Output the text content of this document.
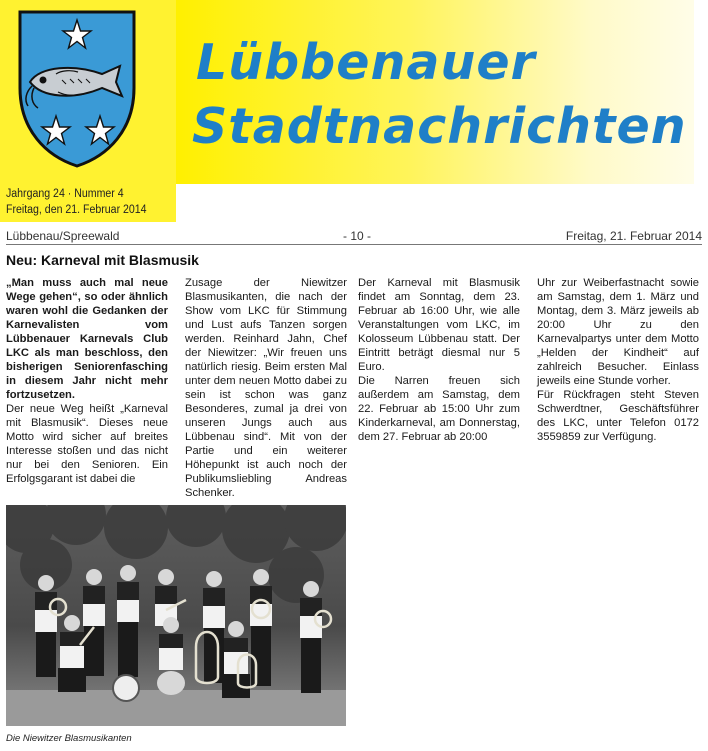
Lübbenauer
Stadtnachrichten
Jahrgang 24 · Nummer 4
Freitag, den 21. Februar 2014
Lübbenau/Spreewald	- 10 -	Freitag, 21. Februar 2014
Neu: Karneval mit Blasmusik

„Man muss auch mal neue Wege gehen“, so oder ähnlich waren wohl die Gedanken der Karnevalisten vom Lübbenauer Karnevals Club LKC als man beschloss, den bisherigen Seniorenfasching in diesem Jahr nicht mehr fortzusetzen.

Der neue Weg heißt „Karneval mit Blasmusik“. Dieses neue Motto wird sicher auf breites Interesse stoßen und das nicht nur bei den Senioren. Ein Erfolgsgarant ist dabei die

Zusage der Niewitzer Blasmusikanten, die nach der Show vom LKC für Stimmung und Lust aufs Tanzen sorgen werden. Reinhard Jahn, Chef der Niewitzer: „Wir freuen uns natürlich riesig. Beim ersten Mal unter dem neuen Motto dabei zu sein ist schon was ganz Besonderes, zumal ja drei von unseren Jungs auch aus Lübbenau sind“. Mit von der Partie und ein weiterer Höhepunkt ist auch noch der Publikumsliebling Andreas Schenker.

Der Karneval mit Blasmusik findet am Sonntag, dem 23. Februar ab 16:00 Uhr, wie alle Veranstaltungen vom LKC, im Kolosseum Lübbenau statt. Der Eintritt beträgt diesmal nur 5 Euro.

Die Narren freuen sich außerdem am Samstag, dem 22. Februar ab 15:00 Uhr zum Kinderkarneval, am Donnerstag, dem 27. Februar ab 20:00

Uhr zur Weiberfastnacht sowie am Samstag, dem 1. März und Montag, dem 3. März jeweils ab 20:00 Uhr zu den Karnevalpartys unter dem Motto „Helden der Kindheit“ auf zahlreich Besucher. Einlass jeweils eine Stunde vorher.

Für Rückfragen steht Steven Schwerdtner, Geschäftsführer des LKC, unter Telefon 0172 3559859 zur Verfügung.

Die Niewitzer Blasmusikanten
